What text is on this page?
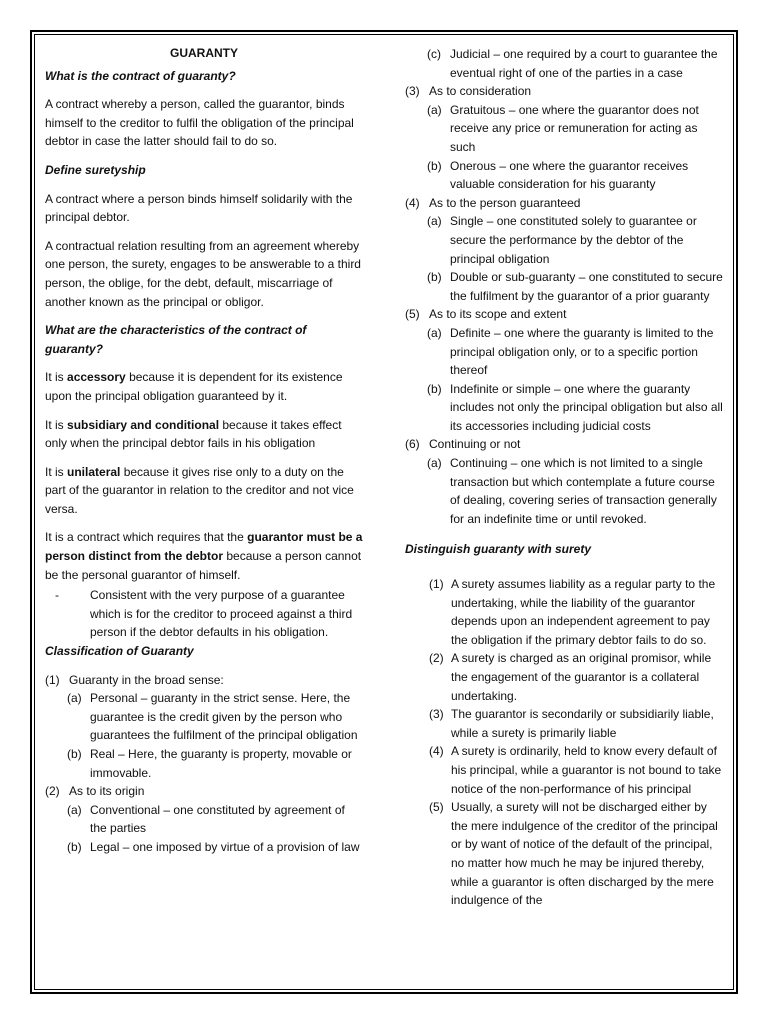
GUARANTY

What is the contract of guaranty?

A contract whereby a person, called the guarantor, binds himself to the creditor to fulfil the obligation of the principal debtor in case the latter should fail to do so.

Define suretyship

A contract where a person binds himself solidarily with the principal debtor.

A contractual relation resulting from an agreement whereby one person, the surety, engages to be answerable to a third person, the oblige, for the debt, default, miscarriage of another known as the principal or obligor.

What are the characteristics of the contract of guaranty?

It is accessory because it is dependent for its existence upon the principal obligation guaranteed by it.

It is subsidiary and conditional because it takes effect only when the principal debtor fails in his obligation

It is unilateral because it gives rise only to a duty on the part of the guarantor in relation to the creditor and not vice versa.

It is a contract which requires that the guarantor must be a person distinct from the debtor because a person cannot be the personal guarantor of himself.

-	Consistent with the very purpose of a guarantee which is for the creditor to proceed against a third person if the debtor defaults in his obligation.

Classification of Guaranty

(1) Guaranty in the broad sense:
(a) Personal – guaranty in the strict sense. Here, the guarantee is the credit given by the person who guarantees the fulfilment of the principal obligation
(b) Real – Here, the guaranty is property, movable or immovable.
(2) As to its origin
(a) Conventional – one constituted by agreement of the parties
(b) Legal – one imposed by virtue of a provision of law
(c) Judicial – one required by a court to guarantee the eventual right of one of the parties in a case
(3) As to consideration
(a) Gratuitous – one where the guarantor does not receive any price or remuneration for acting as such
(b) Onerous – one where the guarantor receives valuable consideration for his guaranty
(4) As to the person guaranteed
(a) Single – one constituted solely to guarantee or secure the performance by the debtor of the principal obligation
(b) Double or sub-guaranty – one constituted to secure the fulfilment by the guarantor of a prior guaranty
(5) As to its scope and extent
(a) Definite – one where the guaranty is limited to the principal obligation only, or to a specific portion thereof
(b) Indefinite or simple – one where the guaranty includes not only the principal obligation but also all its accessories including judicial costs
(6) Continuing or not
(a) Continuing – one which is not limited to a single transaction but which contemplate a future course of dealing, covering series of transaction generally for an indefinite time or until revoked.

Distinguish guaranty with surety

(1) A surety assumes liability as a regular party to the undertaking, while the liability of the guarantor depends upon an independent agreement to pay the obligation if the primary debtor fails to do so.
(2) A surety is charged as an original promisor, while the engagement of the guarantor is a collateral undertaking.
(3) The guarantor is secondarily or subsidiarily liable, while a surety is primarily liable
(4) A surety is ordinarily, held to know every default of his principal, while a guarantor is not bound to take notice of the non-performance of his principal
(5) Usually, a surety will not be discharged either by the mere indulgence of the creditor of the principal or by want of notice of the default of the principal, no matter how much he may be injured thereby, while a guarantor is often discharged by the mere indulgence of the
